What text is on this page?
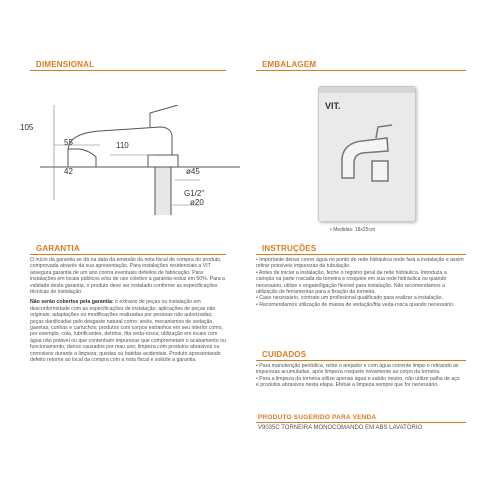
DIMENSIONAL
105
55	110
42	ø45
G1/2"
ø20
EMBALAGEM
VIT.
• Medidas: 18x25cm
GARANTIA

O início da garantia se dá na data da emissão da nota fiscal de compra do produto, comprovada através da sua apresentação. Para instalações residenciais a VIT assegura garantia de um ano contra eventuais defeitos de fabricação. Para instalações em locais públicos e/ou de uso coletivo a garantia reduz em 50%. Para a validade desta garantia, o produto deve ser instalado conforme as especificações técnicas de instalação.

Não serão cobertos pela garantia: o extravio de peças ou instalação em desconformidade com as especificações de instalação; aplicações de peças não originais; adaptações ou modificações realizadas por pessoas não autorizadas; peças danificadas pelo desgaste natural como: anéis, mecanismos de vedação, gaxetas, cunhas e cartuchos; produtos com corpos estranhos em seu interior como, por exemplo, cola, lubrificantes, detritos, fita veda-rosca; utilização em locais com água não potável ou que contenham impurezas que comprometam o acabamento ou funcionamento; danos causados por mau uso; limpeza com produtos abrasivos ou corrosivos durante a limpeza; quedas ou batidas acidentais. Produto apresentando defeito retorne ao local da compra com a nota fiscal e solicite a garantia.

INSTRUÇÕES

• Importante deixar correr água no ponto de rede hidráulica onde fará a instalação e assim retirar possíveis impurezas da tubulação.

• Antes de iniciar a instalação, feche o registro geral da rede hidráulica. Introduza a canopla na parte roscada da torneira e rosqueie em sua rede hidráulica ou quando necessário, utilize o engate/ligação flexível para instalação. Não recomendamos a utilização de ferramentas para a fixação da torneira.

• Caso necessário, contrate um profissional qualificado para realizar a instalação.

• Recomendamos utilização de massa de vedação/fita veda-rosca quando necessário.

CUIDADOS

• Para manutenção periódica, retire o arejador e com água corrente limpe-o retirando as impurezas acumuladas, após limpeza rosqueie novamente ao corpo da torneira.

• Para a limpeza da torneira utilize apenas água e sabão neutro, não utilize palha de aço e produtos abrasivos nesta etapa. Efetue a limpeza sempre que for necessário.

PRODUTO SUGERIDO PARA VENDA
V9035C TORNEIRA MONOCOMANDO EM ABS LAVATÓRIO
